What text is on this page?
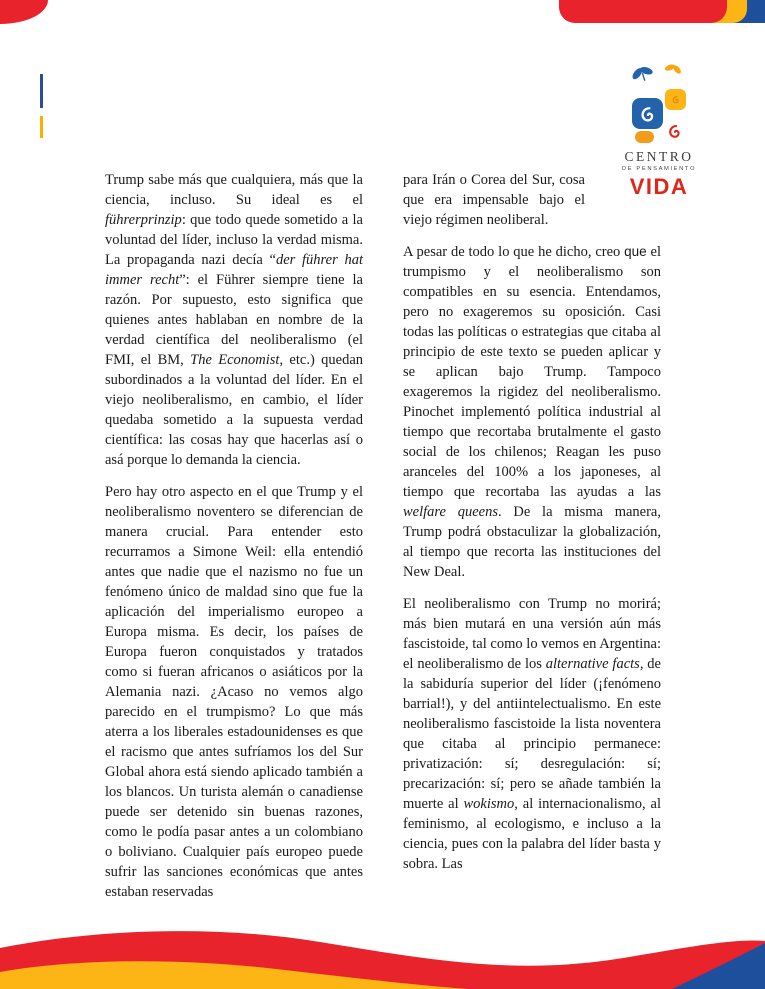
CENTRO
DE PENSAMIENTO
VIDA

Trump sabe más que cualquiera, más que la ciencia, incluso. Su ideal es el führerprinzip: que todo quede sometido a la voluntad del líder, incluso la verdad misma. La propaganda nazi decía “der führer hat immer recht”: el Führer siempre tiene la razón. Por supuesto, esto significa que quienes antes hablaban en nombre de la verdad científica del neoliberalismo (el FMI, el BM, The Economist, etc.) quedan subordinados a la voluntad del líder. En el viejo neoliberalismo, en cambio, el líder quedaba sometido a la supuesta verdad científica: las cosas hay que hacerlas así o asá porque lo demanda la ciencia.

Pero hay otro aspecto en el que Trump y el neoliberalismo noventero se diferencian de manera crucial. Para entender esto recurramos a Simone Weil: ella entendió antes que nadie que el nazismo no fue un fenómeno único de maldad sino que fue la aplicación del imperialismo europeo a Europa misma. Es decir, los países de Europa fueron conquistados y tratados como si fueran africanos o asiáticos por la Alemania nazi. ¿Acaso no vemos algo parecido en el trumpismo? Lo que más aterra a los liberales estadounidenses es que el racismo que antes sufríamos los del Sur Global ahora está siendo aplicado también a los blancos. Un turista alemán o canadiense puede ser detenido sin buenas razones, como le podía pasar antes a un colombiano o boliviano. Cualquier país europeo puede sufrir las sanciones económicas que antes estaban reservadas

para Irán o Corea del Sur, cosa que era impensable bajo el viejo régimen neoliberal.

A pesar de todo lo que he dicho, creo que el trumpismo y el neoliberalismo son compatibles en su esencia. Entendamos, pero no exageremos su oposición. Casi todas las políticas o estrategias que citaba al principio de este texto se pueden aplicar y se aplican bajo Trump. Tampoco exageremos la rigidez del neoliberalismo. Pinochet implementó política industrial al tiempo que recortaba brutalmente el gasto social de los chilenos; Reagan les puso aranceles del 100% a los japoneses, al tiempo que recortaba las ayudas a las welfare queens. De la misma manera, Trump podrá obstaculizar la globalización, al tiempo que recorta las instituciones del New Deal.

El neoliberalismo con Trump no morirá; más bien mutará en una versión aún más fascistoide, tal como lo vemos en Argentina: el neoliberalismo de los alternative facts, de la sabiduría superior del líder (¡fenómeno barrial!), y del antiintelectualismo. En este neoliberalismo fascistoide la lista noventera que citaba al principio permanece: privatización: sí; desregulación: sí; precarización: sí; pero se añade también la muerte al wokismo, al internacionalismo, al feminismo, al ecologismo, e incluso a la ciencia, pues con la palabra del líder basta y sobra. Las
